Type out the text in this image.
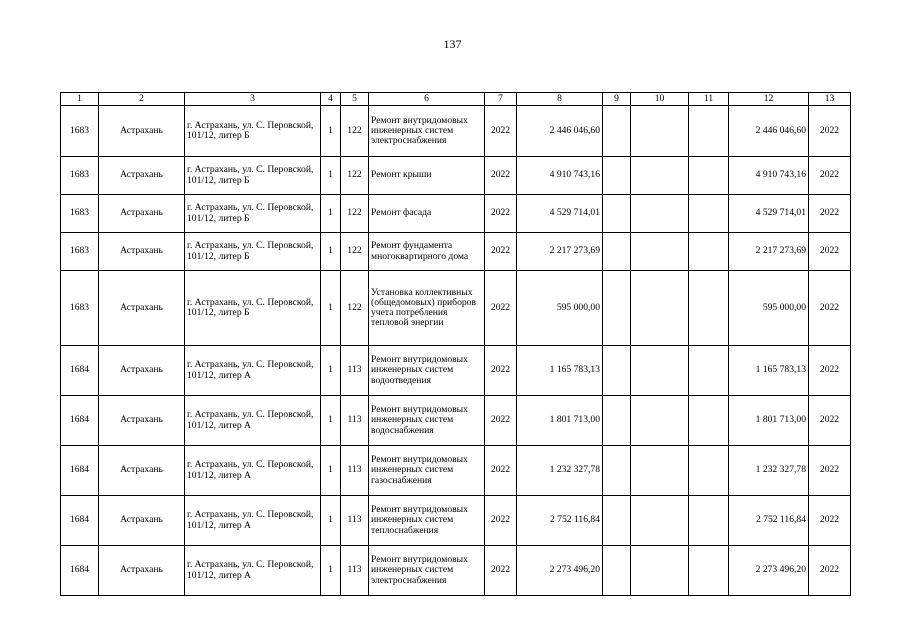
137
1	2	3	4	5	6	7	8	9	10	11	12	13
1683	Астрахань	г. Астрахань, ул. С. Перовской, 101/12, литер Б	1	122	Ремонт внутридомовых инженерных систем электроснабжения	2022	2 446 046,60				2 446 046,60	2022
1683	Астрахань	г. Астрахань, ул. С. Перовской, 101/12, литер Б	1	122	Ремонт крыши	2022	4 910 743,16				4 910 743,16	2022
1683	Астрахань	г. Астрахань, ул. С. Перовской, 101/12, литер Б	1	122	Ремонт фасада	2022	4 529 714,01				4 529 714,01	2022
1683	Астрахань	г. Астрахань, ул. С. Перовской, 101/12, литер Б	1	122	Ремонт фундамента многоквартирного дома	2022	2 217 273,69				2 217 273,69	2022
1683	Астрахань	г. Астрахань, ул. С. Перовской, 101/12, литер Б	1	122	Установка коллективных (общедомовых) приборов учета потребления тепловой энергии	2022	595 000,00				595 000,00	2022
1684	Астрахань	г. Астрахань, ул. С. Перовской, 101/12, литер А	1	113	Ремонт внутридомовых инженерных систем водоотведения	2022	1 165 783,13				1 165 783,13	2022
1684	Астрахань	г. Астрахань, ул. С. Перовской, 101/12, литер А	1	113	Ремонт внутридомовых инженерных систем водоснабжения	2022	1 801 713,00				1 801 713,00	2022
1684	Астрахань	г. Астрахань, ул. С. Перовской, 101/12, литер А	1	113	Ремонт внутридомовых инженерных систем газоснабжения	2022	1 232 327,78				1 232 327,78	2022
1684	Астрахань	г. Астрахань, ул. С. Перовской, 101/12, литер А	1	113	Ремонт внутридомовых инженерных систем теплоснабжения	2022	2 752 116,84				2 752 116,84	2022
1684	Астрахань	г. Астрахань, ул. С. Перовской, 101/12, литер А	1	113	Ремонт внутридомовых инженерных систем электроснабжения	2022	2 273 496,20				2 273 496,20	2022
